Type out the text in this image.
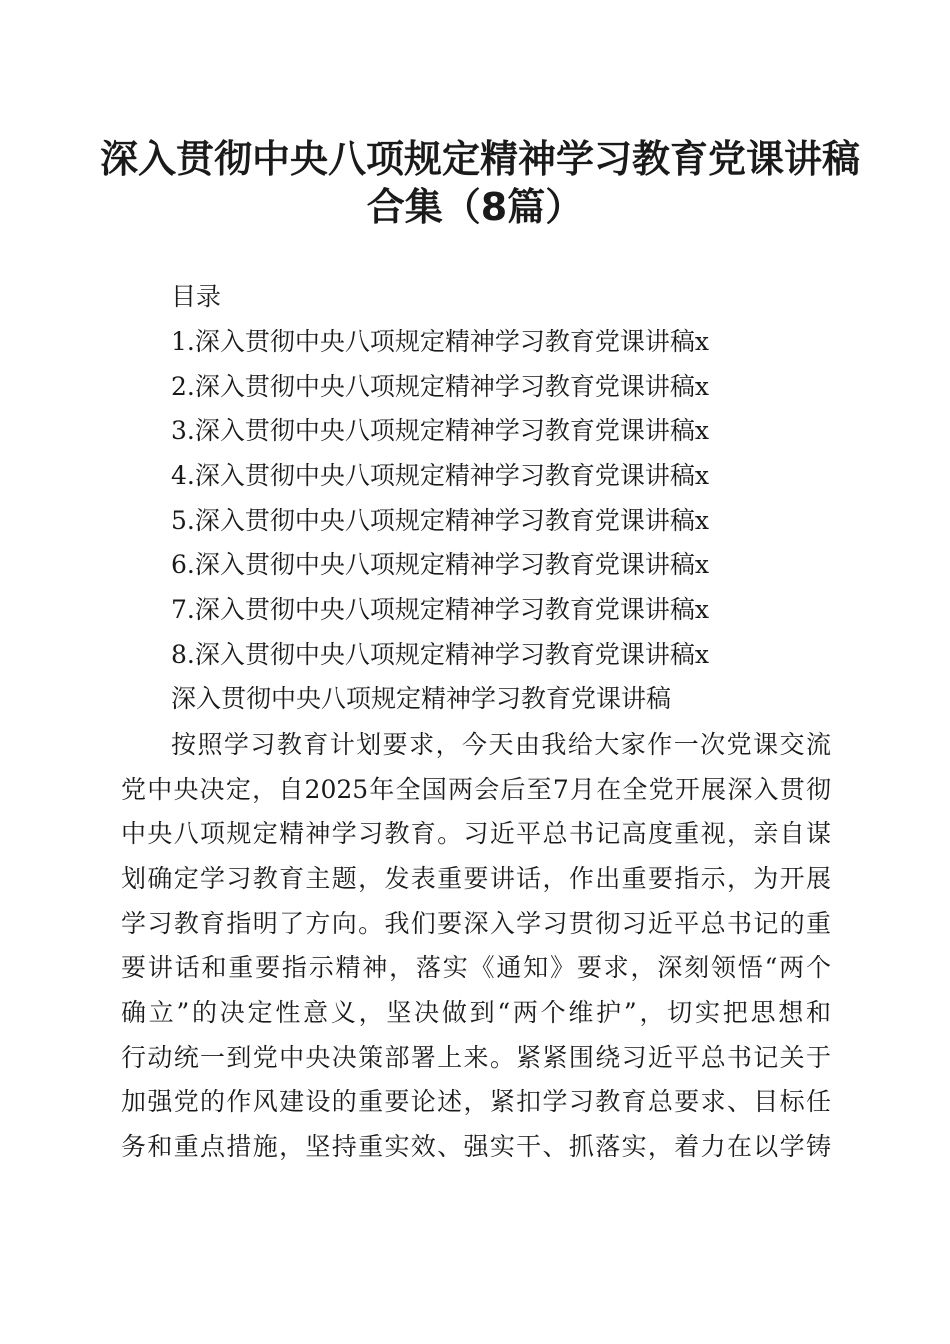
深入贯彻中央八项规定精神学习教育党课讲稿
合集（8篇）
目录
1.深入贯彻中央八项规定精神学习教育党课讲稿x
2.深入贯彻中央八项规定精神学习教育党课讲稿x
3.深入贯彻中央八项规定精神学习教育党课讲稿x
4.深入贯彻中央八项规定精神学习教育党课讲稿x
5.深入贯彻中央八项规定精神学习教育党课讲稿x
6.深入贯彻中央八项规定精神学习教育党课讲稿x
7.深入贯彻中央八项规定精神学习教育党课讲稿x
8.深入贯彻中央八项规定精神学习教育党课讲稿x
深入贯彻中央八项规定精神学习教育党课讲稿
按照学习教育计划要求，今天由我给大家作一次党课交流
党中央决定，自2025年全国两会后至7月在全党开展深入贯彻
中央八项规定精神学习教育。习近平总书记高度重视，亲自谋
划确定学习教育主题，发表重要讲话，作出重要指示，为开展
学习教育指明了方向。我们要深入学习贯彻习近平总书记的重
要讲话和重要指示精神，落实《通知》要求，深刻领悟“两个
确立”的决定性意义，坚决做到“两个维护”，切实把思想和
行动统一到党中央决策部署上来。紧紧围绕习近平总书记关于
加强党的作风建设的重要论述，紧扣学习教育总要求、目标任
务和重点措施，坚持重实效、强实干、抓落实，着力在以学铸
